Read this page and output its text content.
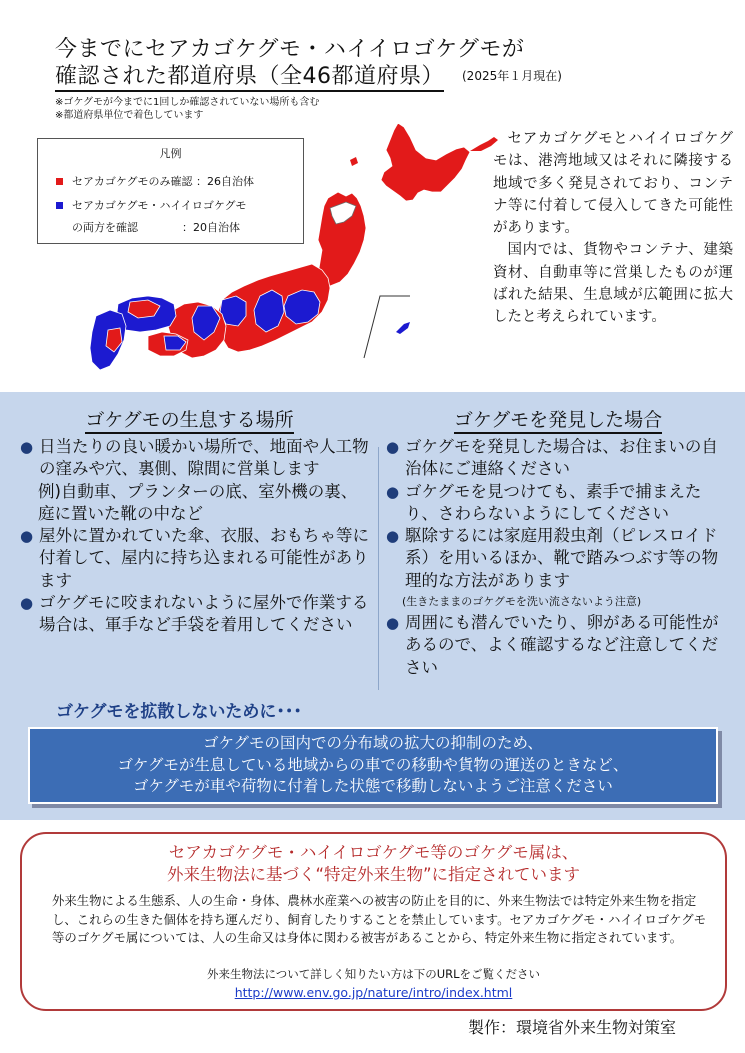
今までにセアカゴケグモ・ハイイロゴケグモが
確認された都道府県（全46都道府県） (2025年１月現在)
※ゴケグモが今までに1回しか確認されていない場所も含む
※都道府県単位で着色しています
凡例
セアカゴケグモのみ確認 ：26自治体
セアカゴケグモ・ハイイロゴケグモ
の両方を確認　　　　：20自治体

セアカゴケグモとハイイロゴケグモは、港湾地域又はそれに隣接する地域で多く発見されており、コンテナ等に付着して侵入してきた可能性があります。

国内では、貨物やコンテナ、建築資材、自動車等に営巣したものが運ばれた結果、生息域が広範囲に拡大したと考えられています。

ゴケグモの生息する場所
● 日当たりの良い暖かい場所で、地面や人工物の窪みや穴、裏側、隙間に営巣します
例)自動車、プランターの底、室外機の裏、庭に置いた靴の中など
● 屋外に置かれていた傘、衣服、おもちゃ等に付着して、屋内に持ち込まれる可能性があります
● ゴケグモに咬まれないように屋外で作業する場合は、軍手など手袋を着用してください
ゴケグモを発見した場合
● ゴケグモを発見した場合は、お住まいの自治体にご連絡ください
● ゴケグモを見つけても、素手で捕まえたり、さわらないようにしてください
● 駆除するには家庭用殺虫剤（ピレスロイド系）を用いるほか、靴で踏みつぶす等の物理的な方法があります
(生きたままのゴケグモを洗い流さないよう注意)
● 周囲にも潜んでいたり、卵がある可能性があるので、よく確認するなど注意してください
ゴケグモを拡散しないために･･･
ゴケグモの国内での分布域の拡大の抑制のため、
ゴケグモが生息している地域からの車での移動や貨物の運送のときなど、
ゴケグモが車や荷物に付着した状態で移動しないようご注意ください
セアカゴケグモ・ハイイロゴケグモ等のゴケグモ属は、
外来生物法に基づく“特定外来生物”に指定されています
外来生物による生態系、人の生命・身体、農林水産業への被害の防止を目的に、外来生物法では特定外来生物を指定し、これらの生きた個体を持ち運んだり、飼育したりすることを禁止しています。セアカゴケグモ・ハイイロゴケグモ等のゴケグモ属については、人の生命又は身体に関わる被害があることから、特定外来生物に指定されています。
外来生物法について詳しく知りたい方は下のURLをご覧ください
http://www.env.go.jp/nature/intro/index.html
製作：環境省外来生物対策室
